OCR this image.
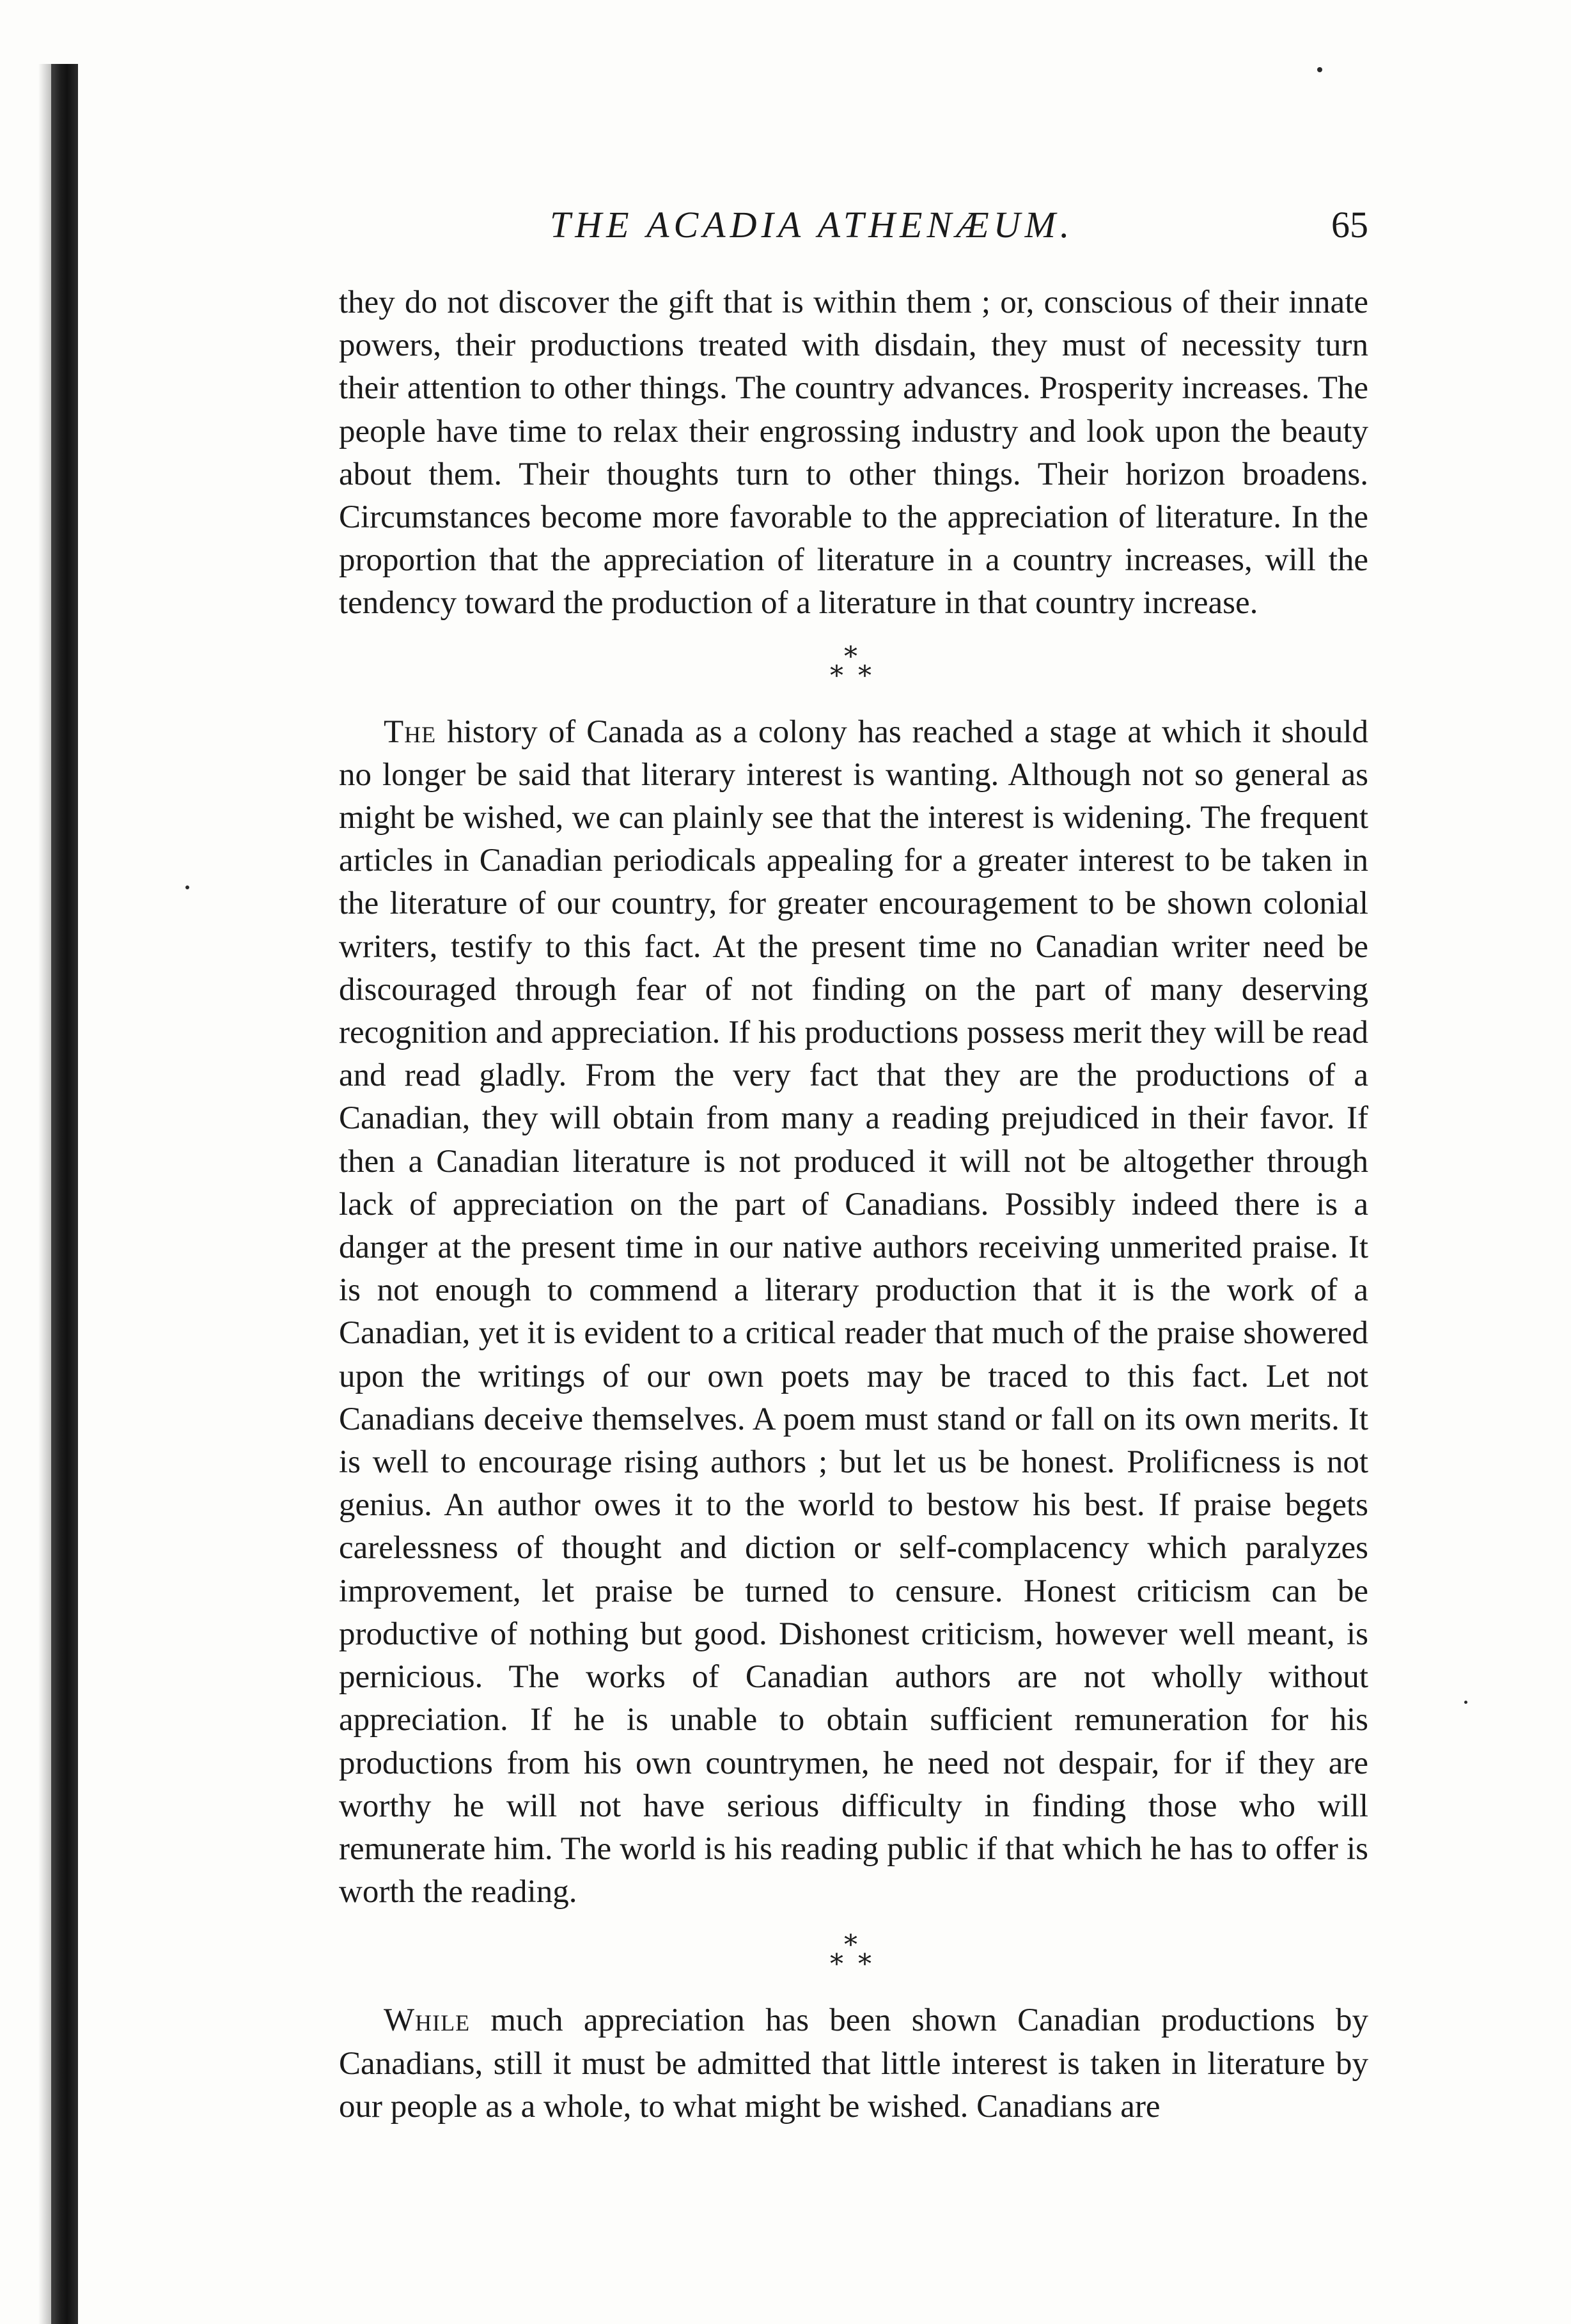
THE ACADIA ATHENÆUM.	65

they do not discover the gift that is within them ; or, conscious of their innate powers, their productions treated with disdain, they must of necessity turn their attention to other things. The country advances. Prosperity increases. The people have time to relax their engrossing industry and look upon the beauty about them. Their thoughts turn to other things. Their horizon broadens. Circumstances become more favorable to the appreciation of literature. In the proportion that the appreciation of literature in a country increases, will the tendency toward the production of a literature in that country increase.

*
* *

The history of Canada as a colony has reached a stage at which it should no longer be said that literary interest is wanting. Although not so general as might be wished, we can plainly see that the interest is widening. The frequent articles in Canadian periodicals appealing for a greater interest to be taken in the literature of our country, for greater encouragement to be shown colonial writers, testify to this fact. At the present time no Canadian writer need be discouraged through fear of not finding on the part of many deserving recognition and appreciation. If his productions possess merit they will be read and read gladly. From the very fact that they are the productions of a Canadian, they will obtain from many a reading prejudiced in their favor. If then a Canadian literature is not produced it will not be altogether through lack of appreciation on the part of Canadians. Possibly indeed there is a danger at the present time in our native authors receiving unmerited praise. It is not enough to commend a literary production that it is the work of a Canadian, yet it is evident to a critical reader that much of the praise showered upon the writings of our own poets may be traced to this fact. Let not Canadians deceive themselves. A poem must stand or fall on its own merits. It is well to encourage rising authors ; but let us be honest. Prolificness is not genius. An author owes it to the world to bestow his best. If praise begets carelessness of thought and diction or self-complacency which paralyzes improvement, let praise be turned to censure. Honest criticism can be productive of nothing but good. Dishonest criticism, however well meant, is pernicious. The works of Canadian authors are not wholly without appreciation. If he is unable to obtain sufficient remuneration for his productions from his own countrymen, he need not despair, for if they are worthy he will not have serious difficulty in finding those who will remunerate him. The world is his reading public if that which he has to offer is worth the reading.

*
* *

While much appreciation has been shown Canadian productions by Canadians, still it must be admitted that little interest is taken in literature by our people as a whole, to what might be wished. Canadians are
